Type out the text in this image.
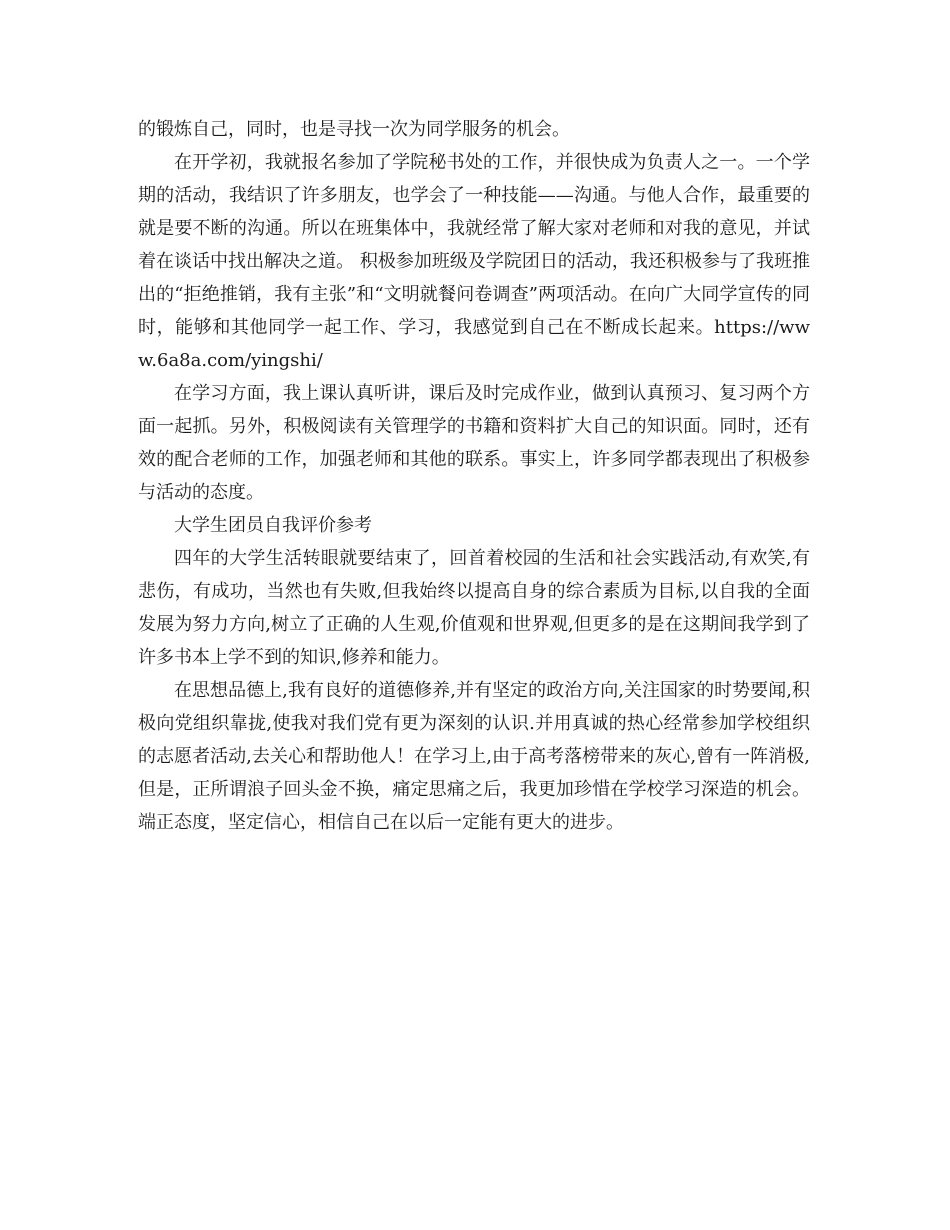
的锻炼自己，同时，也是寻找一次为同学服务的机会。

在开学初，我就报名参加了学院秘书处的工作，并很快成为负责人之一。一个学期的活动，我结识了许多朋友，也学会了一种技能——沟通。与他人合作，最重要的就是要不断的沟通。所以在班集体中，我就经常了解大家对老师和对我的意见，并试着在谈话中找出解决之道。 积极参加班级及学院团日的活动，我还积极参与了我班推出的“拒绝推销，我有主张”和“文明就餐问卷调查”两项活动。在向广大同学宣传的同时，能够和其他同学一起工作、学习，我感觉到自己在不断成长起来。https://www.6a8a.com/yingshi/

在学习方面，我上课认真听讲，课后及时完成作业，做到认真预习、复习两个方面一起抓。另外，积极阅读有关管理学的书籍和资料扩大自己的知识面。同时，还有效的配合老师的工作，加强老师和其他的联系。事实上，许多同学都表现出了积极参与活动的态度。

大学生团员自我评价参考

四年的大学生活转眼就要结束了，回首着校园的生活和社会实践活动,有欢笑,有悲伤，有成功，当然也有失败,但我始终以提高自身的综合素质为目标,以自我的全面发展为努力方向,树立了正确的人生观,价值观和世界观,但更多的是在这期间我学到了许多书本上学不到的知识,修养和能力。

在思想品德上,我有良好的道德修养,并有坚定的政治方向,关注国家的时势要闻,积极向党组织靠拢,使我对我们党有更为深刻的认识.并用真诚的热心经常参加学校组织的志愿者活动,去关心和帮助他人！在学习上,由于高考落榜带来的灰心,曾有一阵消极,但是，正所谓浪子回头金不换，痛定思痛之后，我更加珍惜在学校学习深造的机会。端正态度，坚定信心，相信自己在以后一定能有更大的进步。
